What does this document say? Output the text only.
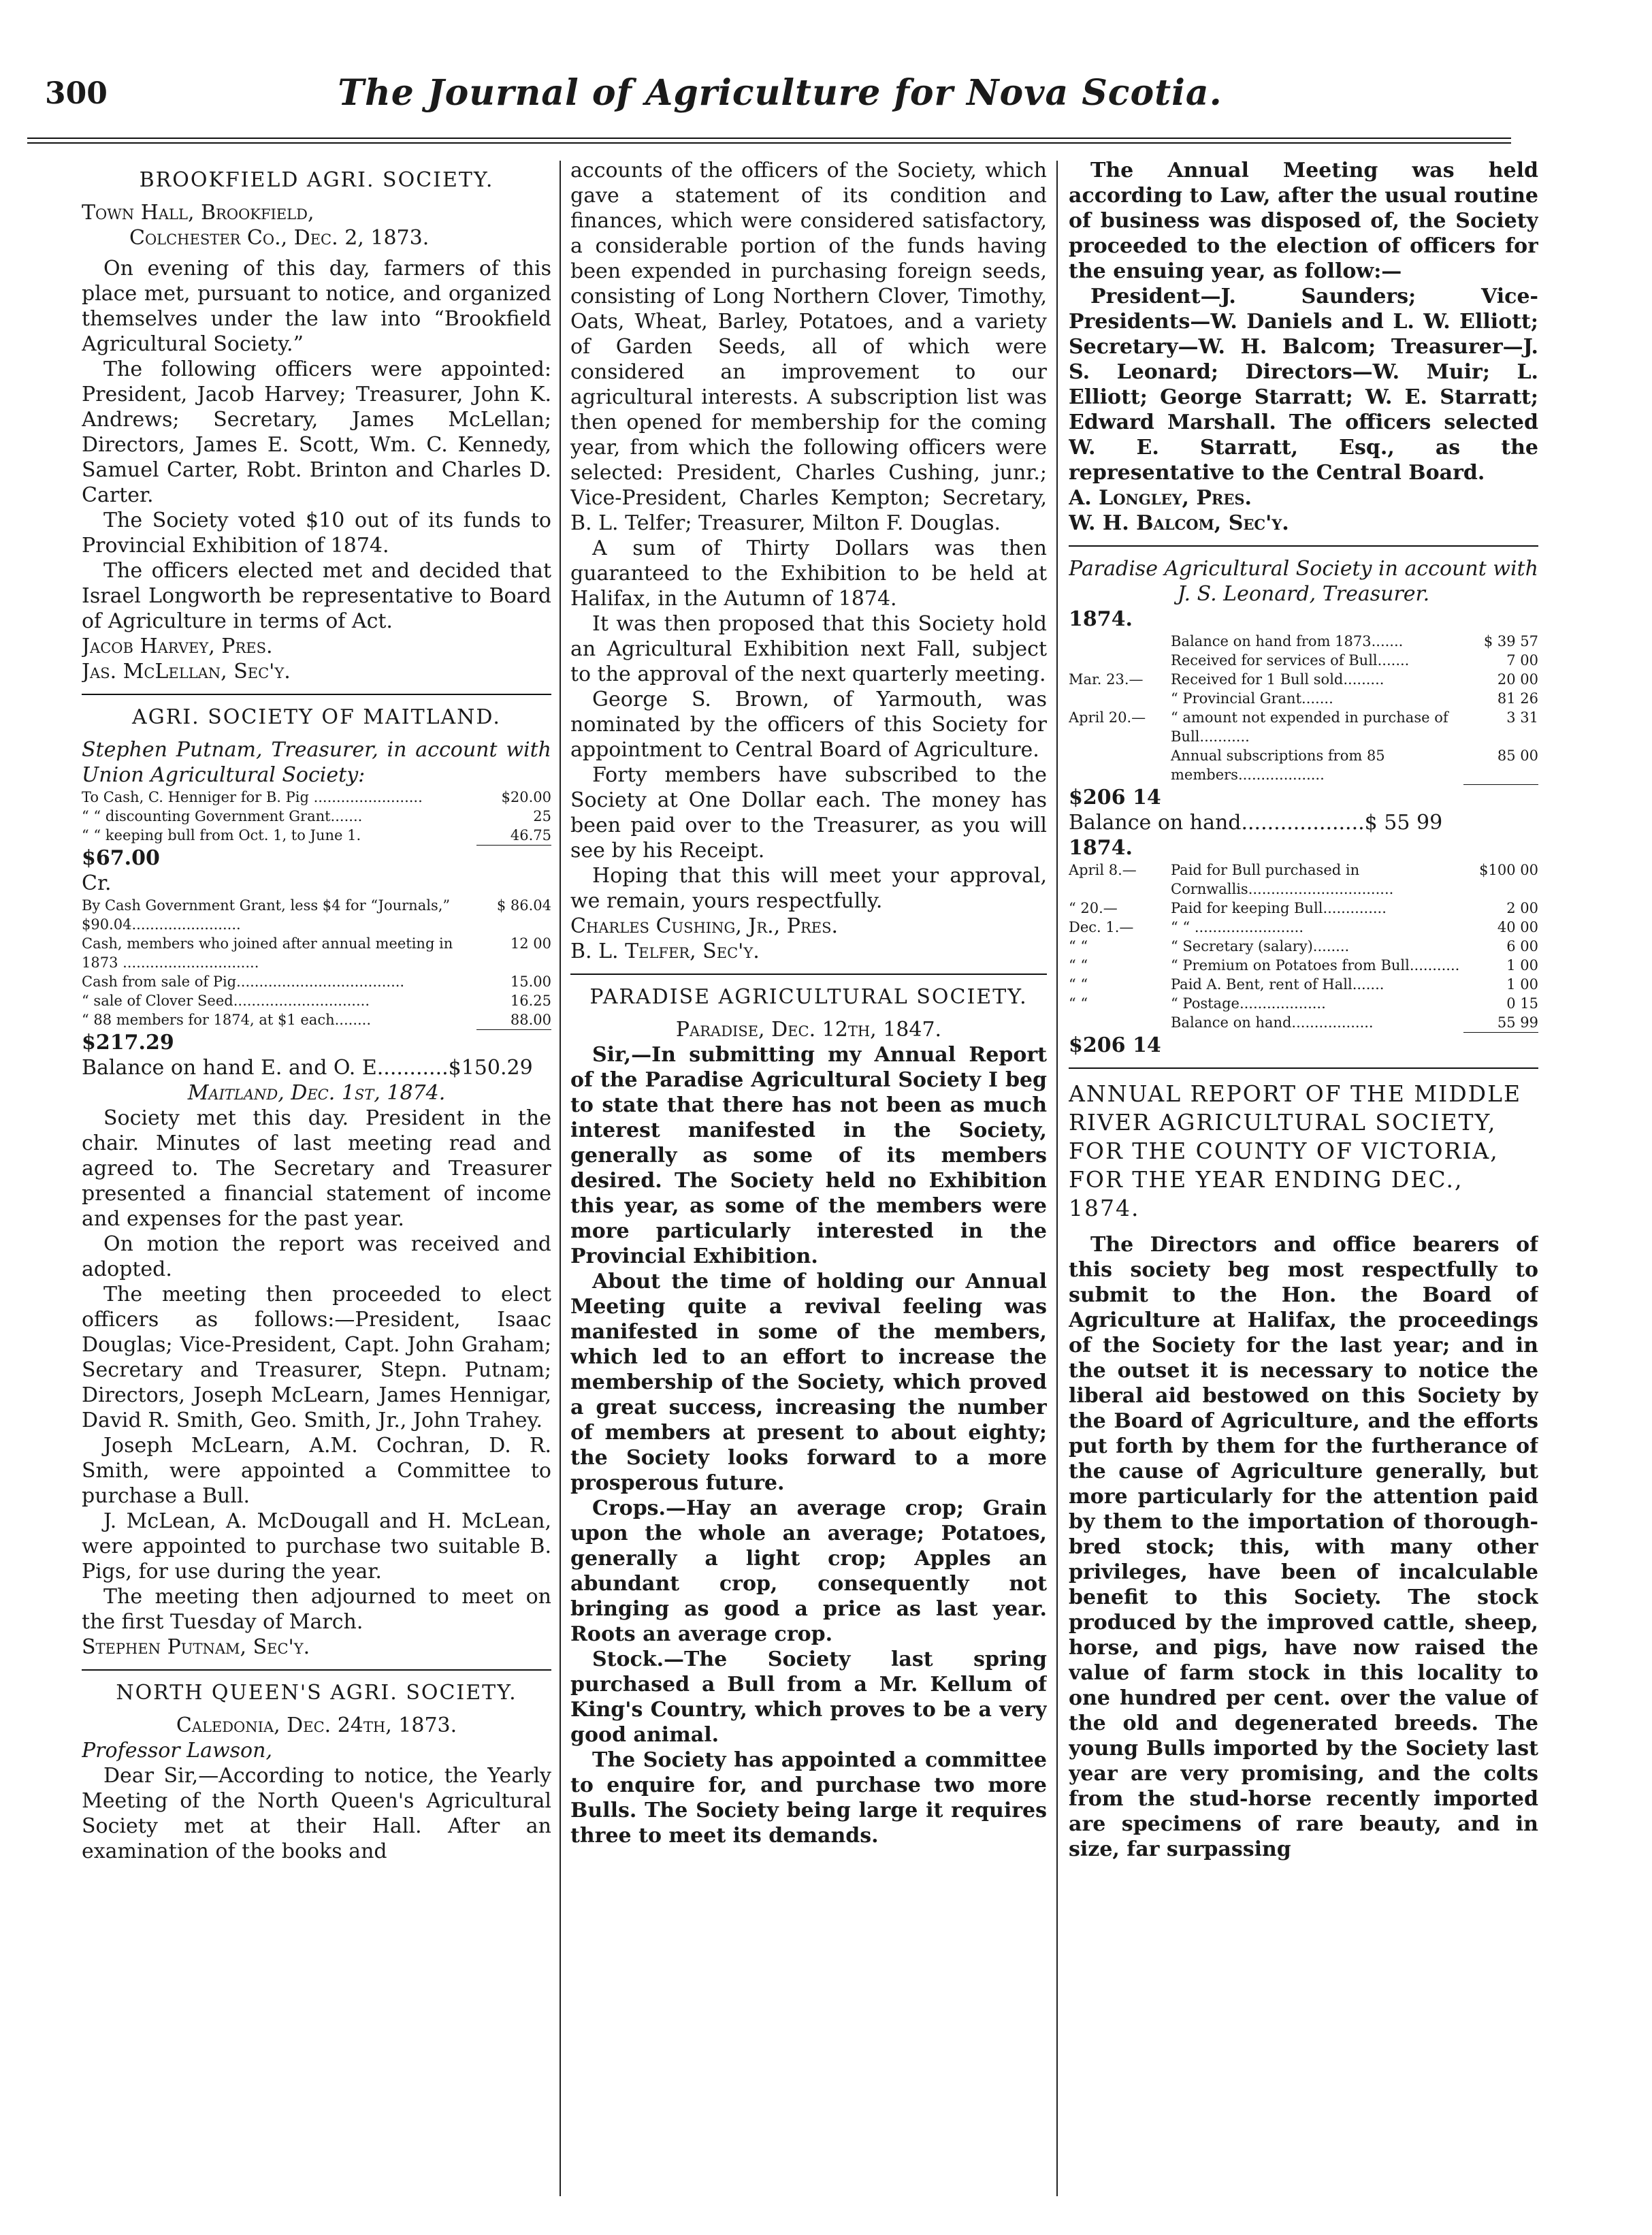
300	The Journal of Agriculture for Nova Scotia.
BROOKFIELD AGRI. SOCIETY.

Town Hall, Brookfield,

Colchester Co., Dec. 2, 1873.

On evening of this day, farmers of this place met, pursuant to notice, and organized themselves under the law into “Brookfield Agricultural Society.”

The following officers were appointed: President, Jacob Harvey; Treasurer, John K. Andrews; Secretary, James McLellan; Directors, James E. Scott, Wm. C. Kennedy, Samuel Carter, Robt. Brinton and Charles D. Carter.

The Society voted $10 out of its funds to Provincial Exhibition of 1874.

The officers elected met and decided that Israel Longworth be representative to Board of Agriculture in terms of Act.

Jacob Harvey, Pres.

Jas. McLellan, Sec'y.

AGRI. SOCIETY OF MAITLAND.

Stephen Putnam, Treasurer, in account with Union Agricultural Society:

To Cash, C. Henniger for B. Pig ........................	$20.00
“ “ discounting Government Grant.......	25
“ “ keeping bull from Oct. 1, to June 1.	46.75

$67.00

Cr.

By Cash Government Grant, less $4 for “Journals,” $90.04........................	$ 86.04
Cash, members who joined after annual meeting in 1873 ..............................	12 00
Cash from sale of Pig.....................................	15.00
“ sale of Clover Seed..............................	16.25
“ 88 members for 1874, at $1 each........	88.00

$217.29

Balance on hand E. and O. E...........$150.29

Maitland, Dec. 1st, 1874.

Society met this day. President in the chair. Minutes of last meeting read and agreed to. The Secretary and Treasurer presented a financial statement of income and expenses for the past year.

On motion the report was received and adopted.

The meeting then proceeded to elect officers as follows:—President, Isaac Douglas; Vice-President, Capt. John Graham; Secretary and Treasurer, Stepn. Putnam; Directors, Joseph McLearn, James Hennigar, David R. Smith, Geo. Smith, Jr., John Trahey.

Joseph McLearn, A.M. Cochran, D. R. Smith, were appointed a Committee to purchase a Bull.

J. McLean, A. McDougall and H. McLean, were appointed to purchase two suitable B. Pigs, for use during the year.

The meeting then adjourned to meet on the first Tuesday of March.

Stephen Putnam, Sec'y.

NORTH QUEEN'S AGRI. SOCIETY.

Caledonia, Dec. 24th, 1873.

Professor Lawson,

Dear Sir,—According to notice, the Yearly Meeting of the North Queen's Agricultural Society met at their Hall. After an examination of the books and

accounts of the officers of the Society, which gave a statement of its condition and finances, which were considered satisfactory, a considerable portion of the funds having been expended in purchasing foreign seeds, consisting of Long Northern Clover, Timothy, Oats, Wheat, Barley, Potatoes, and a variety of Garden Seeds, all of which were considered an improvement to our agricultural interests. A subscription list was then opened for membership for the coming year, from which the following officers were selected: President, Charles Cushing, junr.; Vice-President, Charles Kempton; Secretary, B. L. Telfer; Treasurer, Milton F. Douglas.

A sum of Thirty Dollars was then guaranteed to the Exhibition to be held at Halifax, in the Autumn of 1874.

It was then proposed that this Society hold an Agricultural Exhibition next Fall, subject to the approval of the next quarterly meeting.

George S. Brown, of Yarmouth, was nominated by the officers of this Society for appointment to Central Board of Agriculture.

Forty members have subscribed to the Society at One Dollar each. The money has been paid over to the Treasurer, as you will see by his Receipt.

Hoping that this will meet your approval, we remain, yours respectfully.

Charles Cushing, Jr., Pres.

B. L. Telfer, Sec'y.

PARADISE AGRICULTURAL SOCIETY.

Paradise, Dec. 12th, 1847.

Sir,—In submitting my Annual Report of the Paradise Agricultural Society I beg to state that there has not been as much interest manifested in the Society, generally as some of its members desired. The Society held no Exhibition this year, as some of the members were more particularly interested in the Provincial Exhibition.

About the time of holding our Annual Meeting quite a revival feeling was manifested in some of the members, which led to an effort to increase the membership of the Society, which proved a great success, increasing the number of members at present to about eighty; the Society looks forward to a more prosperous future.

Crops.—Hay an average crop; Grain upon the whole an average; Potatoes, generally a light crop; Apples an abundant crop, consequently not bringing as good a price as last year. Roots an average crop.

Stock.—The Society last spring purchased a Bull from a Mr. Kellum of King's Country, which proves to be a very good animal.

The Society has appointed a committee to enquire for, and purchase two more Bulls. The Society being large it requires three to meet its demands.

The Annual Meeting was held according to Law, after the usual routine of business was disposed of, the Society proceeded to the election of officers for the ensuing year, as follow:—

President—J. Saunders; Vice-Presidents—W. Daniels and L. W. Elliott; Secretary—W. H. Balcom; Treasurer—J. S. Leonard; Directors—W. Muir; L. Elliott; George Starratt; W. E. Starratt; Edward Marshall. The officers selected W. E. Starratt, Esq., as the representative to the Central Board.

A. Longley, Pres.

W. H. Balcom, Sec'y.

Paradise Agricultural Society in account with J. S. Leonard, Treasurer.

1874.

	Balance on hand from 1873.......	$ 39 57
	Received for services of Bull.......	7 00
Mar. 23.—	Received for 1 Bull sold.........	20 00
	“ Provincial Grant.......	81 26
April 20.—	“ amount not expended in purchase of Bull...........	3 31
	Annual subscriptions from 85 members...................	85 00

$206 14

Balance on hand...................$ 55 99

1874.

April 8.—	Paid for Bull purchased in Cornwallis................................	$100 00
“ 20.—	Paid for keeping Bull..............	2 00
Dec. 1.—	“ “ ........................	40 00
“ “	“ Secretary (salary)........	6 00
“ “	“ Premium on Potatoes from Bull...........	1 00
“ “	Paid A. Bent, rent of Hall.......	1 00
“ “	“ Postage...................	0 15
	Balance on hand..................	55 99

$206 14

ANNUAL REPORT OF THE MIDDLE RIVER AGRICULTURAL SOCIETY, FOR THE COUNTY OF VICTORIA, FOR THE YEAR ENDING DEC., 1874.

The Directors and office bearers of this society beg most respectfully to submit to the Hon. the Board of Agriculture at Halifax, the proceedings of the Society for the last year; and in the outset it is necessary to notice the liberal aid bestowed on this Society by the Board of Agriculture, and the efforts put forth by them for the furtherance of the cause of Agriculture generally, but more particularly for the attention paid by them to the importation of thorough-bred stock; this, with many other privileges, have been of incalculable benefit to this Society. The stock produced by the improved cattle, sheep, horse, and pigs, have now raised the value of farm stock in this locality to one hundred per cent. over the value of the old and degenerated breeds. The young Bulls imported by the Society last year are very promising, and the colts from the stud-horse recently imported are specimens of rare beauty, and in size, far surpassing
